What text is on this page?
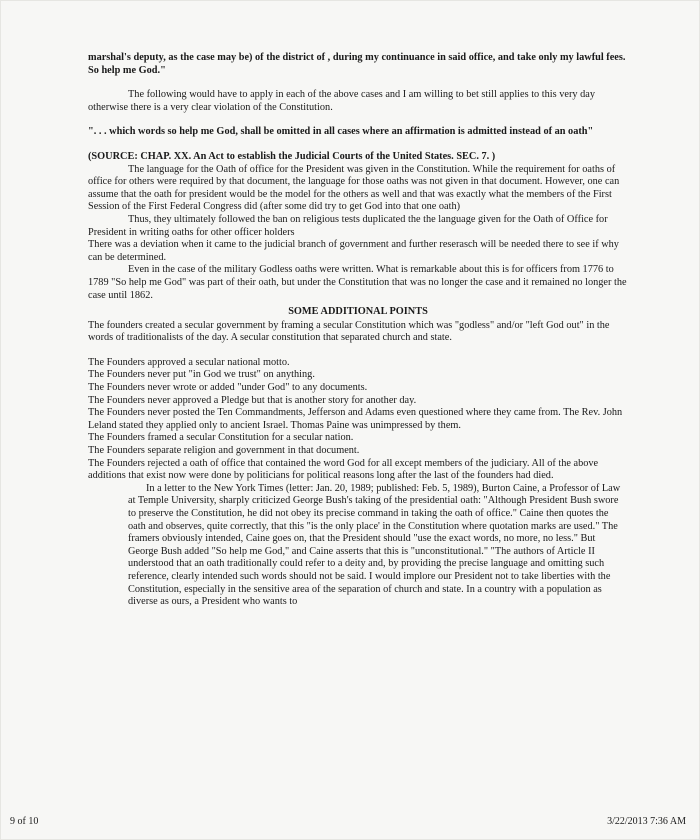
marshal's deputy, as the case may be) of the district of , during my continuance in said office, and take only my lawful fees. So help me God."

The following would have to apply in each of the above cases and I am willing to bet still applies to this very day otherwise there is a very clear violation of the Constitution.

". . . which words so help me God, shall be omitted in all cases where an affirmation is admitted instead of an oath"

(SOURCE: CHAP. XX. An Act to establish the Judicial Courts of the United States. SEC. 7. )

The language for the Oath of office for the President was given in the Constitution. While the requirement for oaths of office for others were required by that document, the language for those oaths was not given in that document. However, one can assume that the oath for president would be the model for the others as well and that was exactly what the members of the First Session of the First Federal Congress did (after some did try to get God into that one oath)

Thus, they ultimately followed the ban on religious tests duplicated the the language given for the Oath of Office for President in writing oaths for other officer holders

There was a deviation when it came to the judicial branch of government and further reserasch will be needed there to see if why can be determined.

Even in the case of the military Godless oaths were written. What is remarkable about this is for officers from 1776 to 1789 "So help me God" was part of their oath, but under the Constitution that was no longer the case and it remained no longer the case until 1862.

SOME ADDITIONAL POINTS

The founders created a secular government by framing a secular Constitution which was "godless" and/or "left God out" in the words of traditionalists of the day. A secular constitution that separated church and state.

The Founders approved a secular national motto.

The Founders never put "in God we trust" on anything.

The Founders never wrote or added "under God" to any documents.

The Founders never approved a Pledge but that is another story for another day.

The Founders never posted the Ten Commandments, Jefferson and Adams even questioned where they came from. The Rev. John Leland stated they applied only to ancient Israel. Thomas Paine was unimpressed by them.

The Founders framed a secular Constitution for a secular nation.

The Founders separate religion and government in that document.

The Founders rejected a oath of office that contained the word God for all except members of the judiciary. All of the above additions that exist now were done by politicians for political reasons long after the last of the founders had died.

In a letter to the New York Times (letter: Jan. 20, 1989; published: Feb. 5, 1989), Burton Caine, a Professor of Law at Temple University, sharply criticized George Bush's taking of the presidential oath: "Although President Bush swore to preserve the Constitution, he did not obey its precise command in taking the oath of office." Caine then quotes the oath and observes, quite correctly, that this "is the only place' in the Constitution where quotation marks are used." The framers obviously intended, Caine goes on, that the President should "use the exact words, no more, no less." But George Bush added "So help me God," and Caine asserts that this is "unconstitutional." "The authors of Article II understood that an oath traditionally could refer to a deity and, by providing the precise language and omitting such reference, clearly intended such words should not be said. I would implore our President not to take liberties with the Constitution, especially in the sensitive area of the separation of church and state. In a country with a population as diverse as ours, a President who wants to

9 of 10	3/22/2013 7:36 AM
